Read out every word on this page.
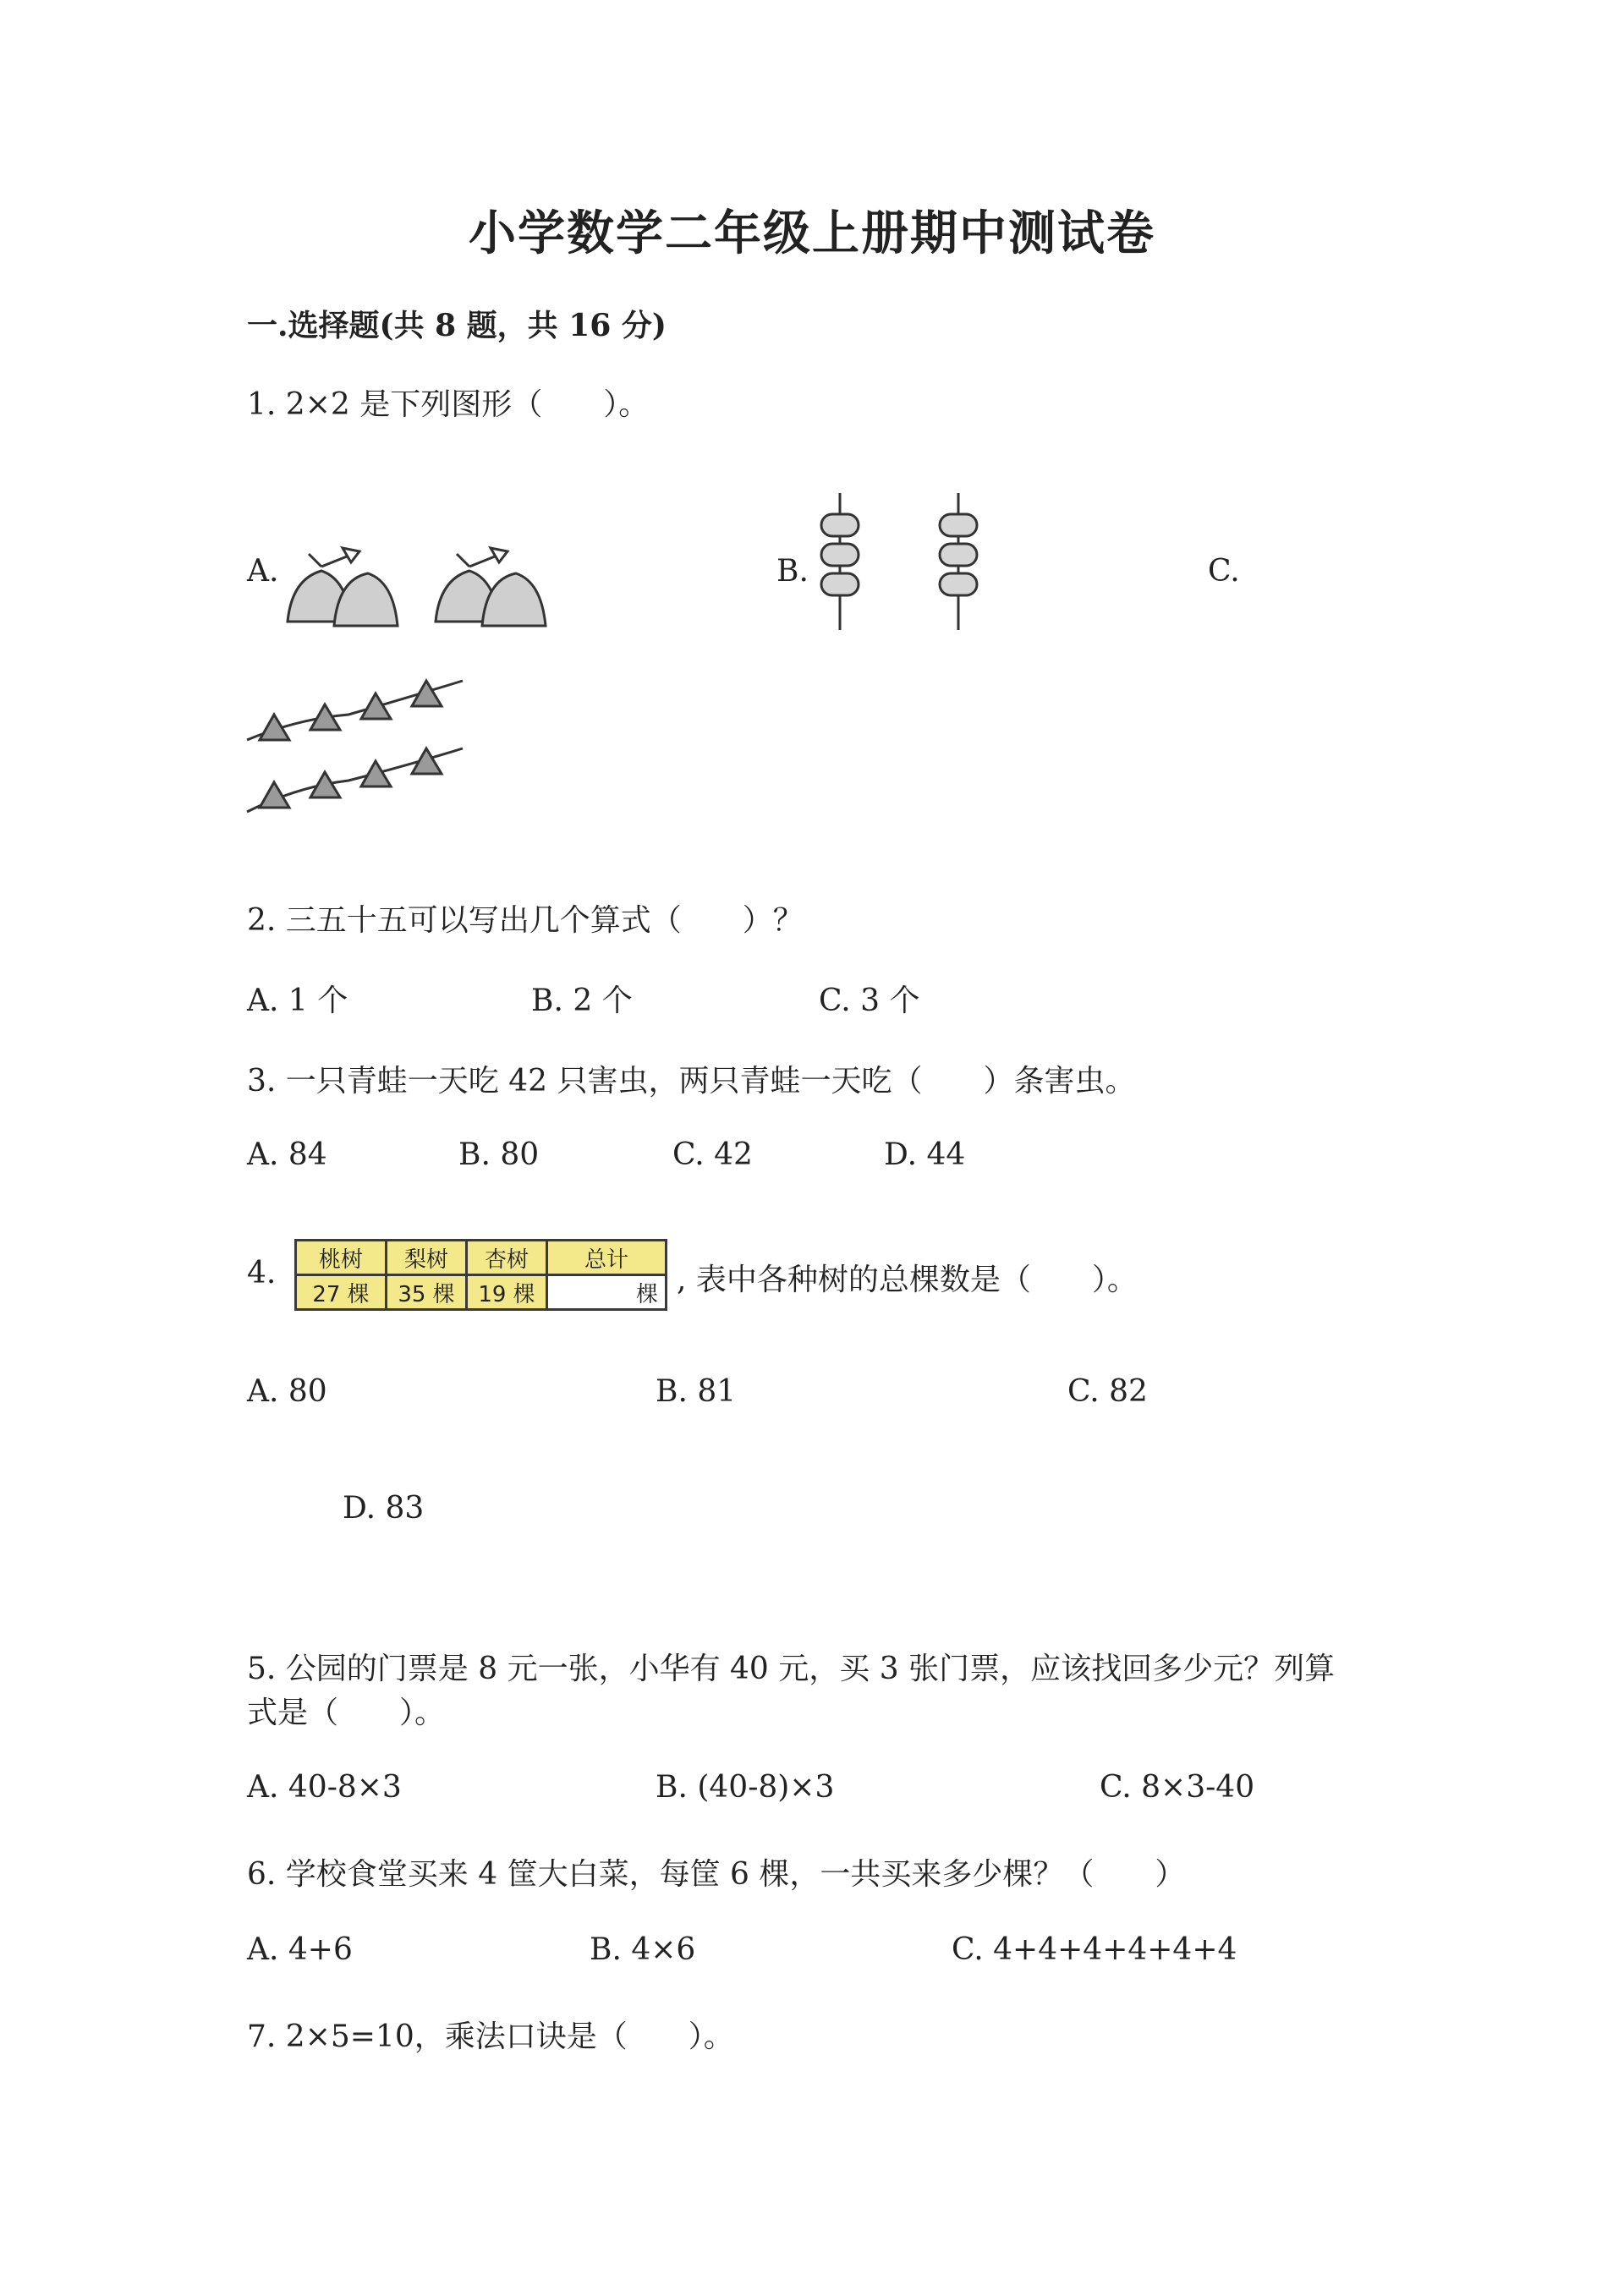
小学数学二年级上册期中测试卷
一.选择题(共 8 题，共 16 分)
1. 2×2 是下列图形（　　）。
A.	B.	C.
2. 三五十五可以写出几个算式（　　）？
A. 1 个	B. 2 个	C. 3 个
3. 一只青蛙一天吃 42 只害虫，两只青蛙一天吃（　　）条害虫。
A. 84	B. 80	C. 42	D. 44
4. 桃树	梨树	杏树	总计
27 棵	35 棵	19 棵	棵 , 表中各种树的总棵数是（　　）。
A. 80	B. 81	C. 82
D. 83
5. 公园的门票是 8 元一张，小华有 40 元，买 3 张门票，应该找回多少元？列算
式是（　　）。
A. 40-8×3	B. (40-8)×3	C. 8×3-40
6. 学校食堂买来 4 筐大白菜，每筐 6 棵，一共买来多少棵？（　　）
A. 4+6	B. 4×6	C. 4+4+4+4+4+4
7. 2×5=10，乘法口诀是（　　）。
